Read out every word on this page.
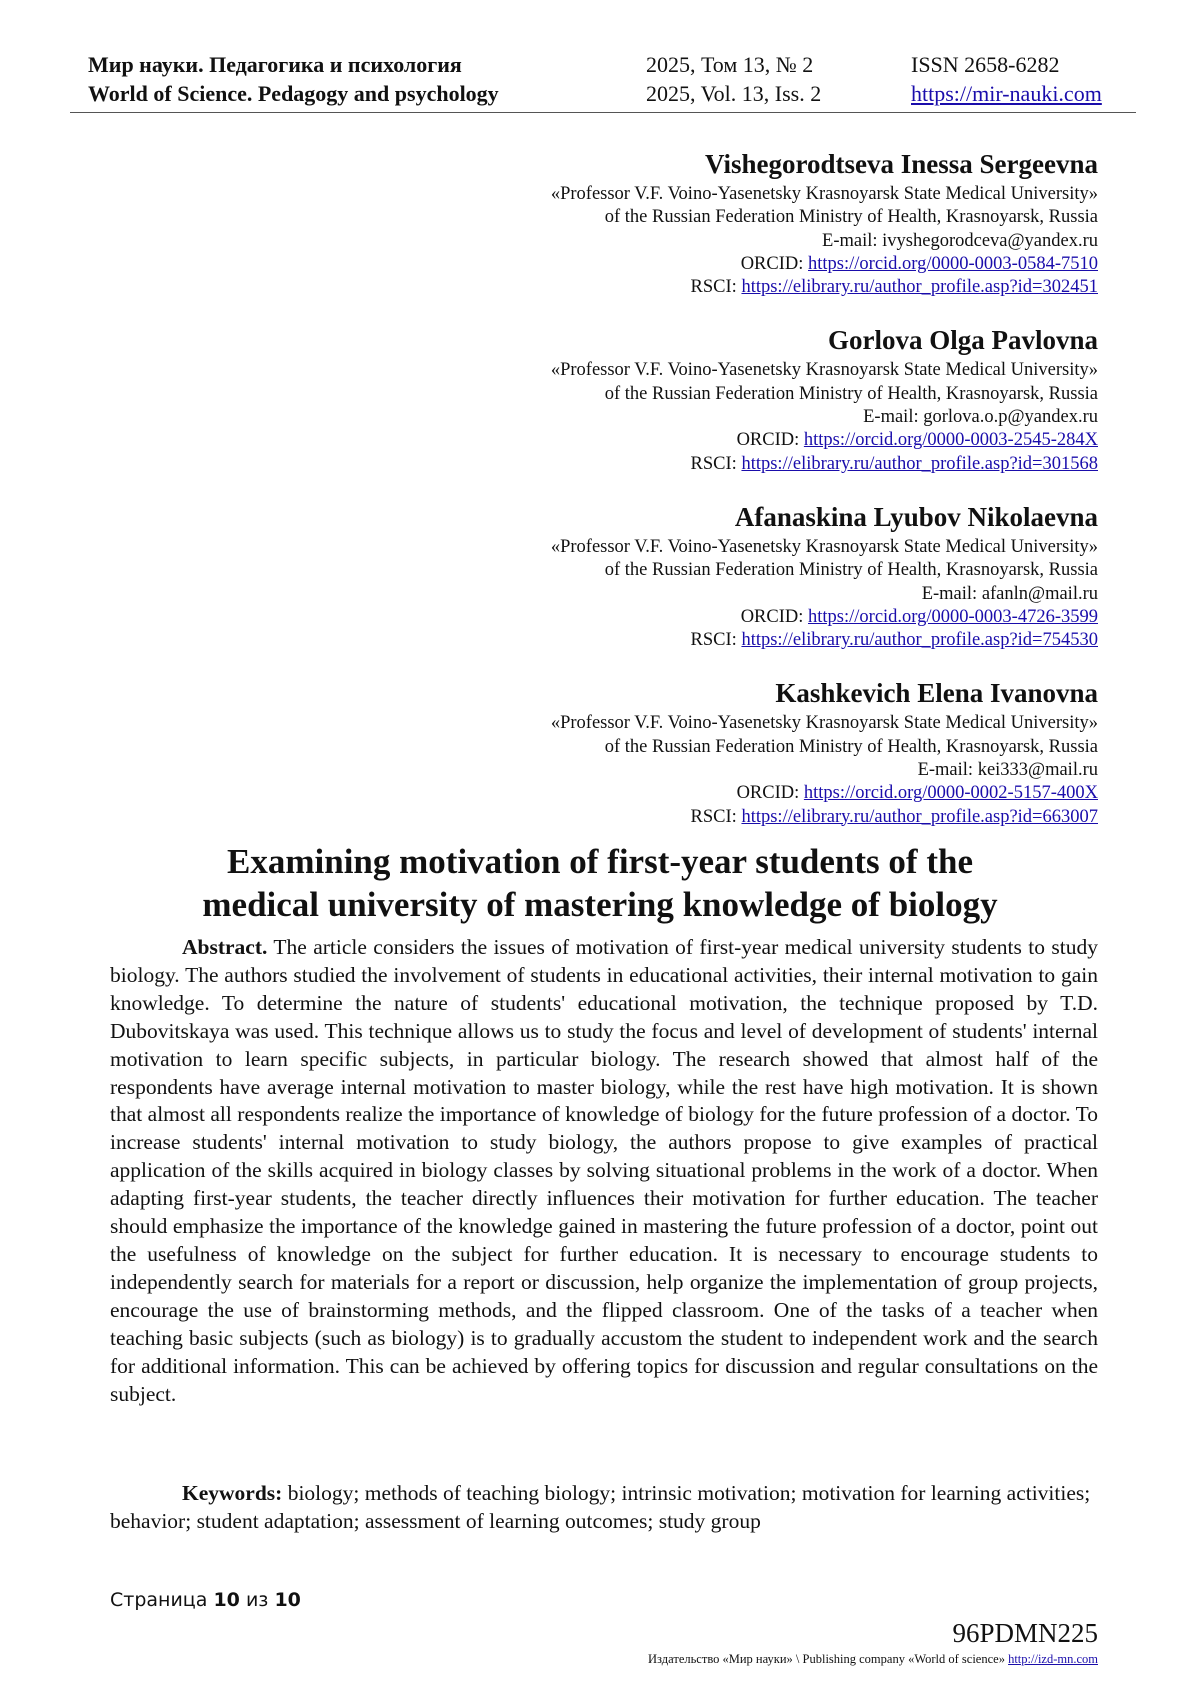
Мир науки. Педагогика и психология
World of Science. Pedagogy and psychology
2025, Том 13, № 2
2025, Vol. 13, Iss. 2
ISSN 2658-6282
https://mir-nauki.com
Vishegorodtseva Inessa Sergeevna
«Professor V.F. Voino-Yasenetsky Krasnoyarsk State Medical University»
of the Russian Federation Ministry of Health, Krasnoyarsk, Russia
E-mail: ivyshegorodceva@yandex.ru
ORCID: https://orcid.org/0000-0003-0584-7510
RSCI: https://elibrary.ru/author_profile.asp?id=302451
Gorlova Olga Pavlovna
«Professor V.F. Voino-Yasenetsky Krasnoyarsk State Medical University»
of the Russian Federation Ministry of Health, Krasnoyarsk, Russia
E-mail: gorlova.o.p@yandex.ru
ORCID: https://orcid.org/0000-0003-2545-284X
RSCI: https://elibrary.ru/author_profile.asp?id=301568
Afanaskina Lyubov Nikolaevna
«Professor V.F. Voino-Yasenetsky Krasnoyarsk State Medical University»
of the Russian Federation Ministry of Health, Krasnoyarsk, Russia
E-mail: afanln@mail.ru
ORCID: https://orcid.org/0000-0003-4726-3599
RSCI: https://elibrary.ru/author_profile.asp?id=754530
Kashkevich Elena Ivanovna
«Professor V.F. Voino-Yasenetsky Krasnoyarsk State Medical University»
of the Russian Federation Ministry of Health, Krasnoyarsk, Russia
E-mail: kei333@mail.ru
ORCID: https://orcid.org/0000-0002-5157-400X
RSCI: https://elibrary.ru/author_profile.asp?id=663007
Examining motivation of first-year students of the
medical university of mastering knowledge of biology

Abstract. The article considers the issues of motivation of first-year medical university students to study biology. The authors studied the involvement of students in educational activities, their internal motivation to gain knowledge. To determine the nature of students' educational motivation, the technique proposed by T.D. Dubovitskaya was used. This technique allows us to study the focus and level of development of students' internal motivation to learn specific subjects, in particular biology. The research showed that almost half of the respondents have average internal motivation to master biology, while the rest have high motivation. It is shown that almost all respondents realize the importance of knowledge of biology for the future profession of a doctor. To increase students' internal motivation to study biology, the authors propose to give examples of practical application of the skills acquired in biology classes by solving situational problems in the work of a doctor. When adapting first-year students, the teacher directly influences their motivation for further education. The teacher should emphasize the importance of the knowledge gained in mastering the future profession of a doctor, point out the usefulness of knowledge on the subject for further education. It is necessary to encourage students to independently search for materials for a report or discussion, help organize the implementation of group projects, encourage the use of brainstorming methods, and the flipped classroom. One of the tasks of a teacher when teaching basic subjects (such as biology) is to gradually accustom the student to independent work and the search for additional information. This can be achieved by offering topics for discussion and regular consultations on the subject.

Keywords: biology; methods of teaching biology; intrinsic motivation; motivation for learning activities; behavior; student adaptation; assessment of learning outcomes; study group

Страница 10 из 10
96PDMN225
Издательство «Мир науки» \ Publishing company «World of science» http://izd-mn.com
